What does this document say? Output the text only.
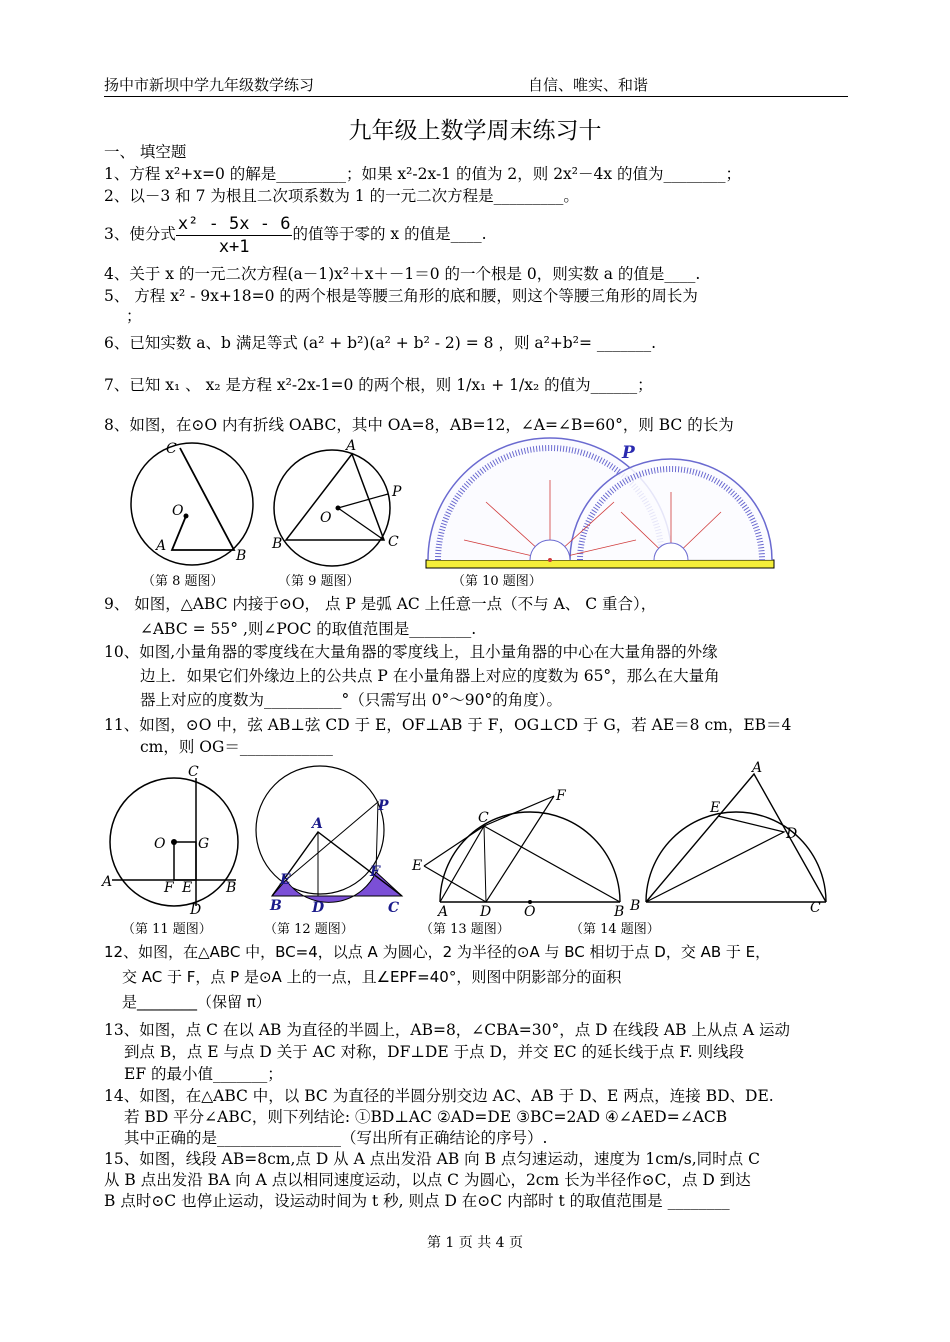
扬中市新坝中学九年级数学练习	自信、唯实、和谐
九年级上数学周末练习十
一、 填空题
1、方程 x²+x=0 的解是_________；如果 x²-2x-1 的值为 2，则 2x²－4x 的值为________；
2、以－3 和 7 为根且二次项系数为 1 的一元二次方程是_________。
3、使分式 $\frac{\text{x² - 5x - 6}}{x+1}$ 的值等于零的 x 的值是____.
4、关于 x 的一元二次方程(a－1)x²＋x＋－1＝0 的一个根是 0，则实数 a 的值是____.
5、 方程 x² - 9x+18=0 的两个根是等腰三角形的底和腰，则这个等腰三角形的周长为
；
6、已知实数 a、b 满足等式 (a² + b²)(a² + b² - 2) = 8 ，则 a²+b²= _______.
7、已知 x₁ 、 x₂ 是方程 x²-2x-1=0 的两个根，则 1/x₁ + 1/x₂ 的值为______；
8、如图，在⊙O 内有折线 OABC，其中 OA=8，AB=12，∠A=∠B=60°，则 BC 的长为
C
O
A
B
A
P
O
B	C
P
（第 8 题图）	（第 9 题图）	（第 10 题图）
9、 如图，△ABC 内接于⊙O， 点 P 是弧 AC 上任意一点（不与 A、 C 重合），
∠ABC = 55° ,则∠POC 的取值范围是________.
10、如图,小量角器的零度线在大量角器的零度线上，且小量角器的中心在大量角器的外缘
边上．如果它们外缘边上的公共点 P 在小量角器上对应的度数为 65°，那么在大量角
器上对应的度数为__________°（只需写出 0°～90°的角度）。
11、如图，⊙O 中，弦 AB⊥弦 CD 于 E，OF⊥AB 于 F，OG⊥CD 于 G，若 AE＝8 cm，EB＝4
cm，则 OG＝____________
C
O G
A	F E B
D
P
A
E	F
B D	C
F
C
E
A D O	B
A
E
D
B	C
（第 11 题图）	（第 12 题图）	（第 13 题图）	（第 14 题图）
12、如图，在△ABC 中，BC=4，以点 A 为圆心，2 为半径的⊙A 与 BC 相切于点 D，交 AB 于 E，
交 AC 于 F，点 P 是⊙A 上的一点，且∠EPF=40°，则图中阴影部分的面积
是________（保留 π）
13、如图，点 C 在以 AB 为直径的半圆上，AB=8，∠CBA=30°，点 D 在线段 AB 上从点 A 运动
到点 B，点 E 与点 D 关于 AC 对称，DF⊥DE 于点 D，并交 EC 的延长线于点 F. 则线段
EF 的最小值_______；
14、如图，在△ABC 中，以 BC 为直径的半圆分别交边 AC、AB 于 D、E 两点，连接 BD、DE.
若 BD 平分∠ABC，则下列结论: ①BD⊥AC ②AD=DE ③BC=2AD ④∠AED=∠ACB
其中正确的是________________（写出所有正确结论的序号）.
15、如图，线段 AB=8cm,点 D 从 A 点出发沿 AB 向 B 点匀速运动，速度为 1cm/s,同时点 C
从 B 点出发沿 BA 向 A 点以相同速度运动，以点 C 为圆心，2cm 长为半径作⊙C，点 D 到达
B 点时⊙C 也停止运动，设运动时间为 t 秒, 则点 D 在⊙C 内部时 t 的取值范围是 ________
第 1 页 共 4 页
